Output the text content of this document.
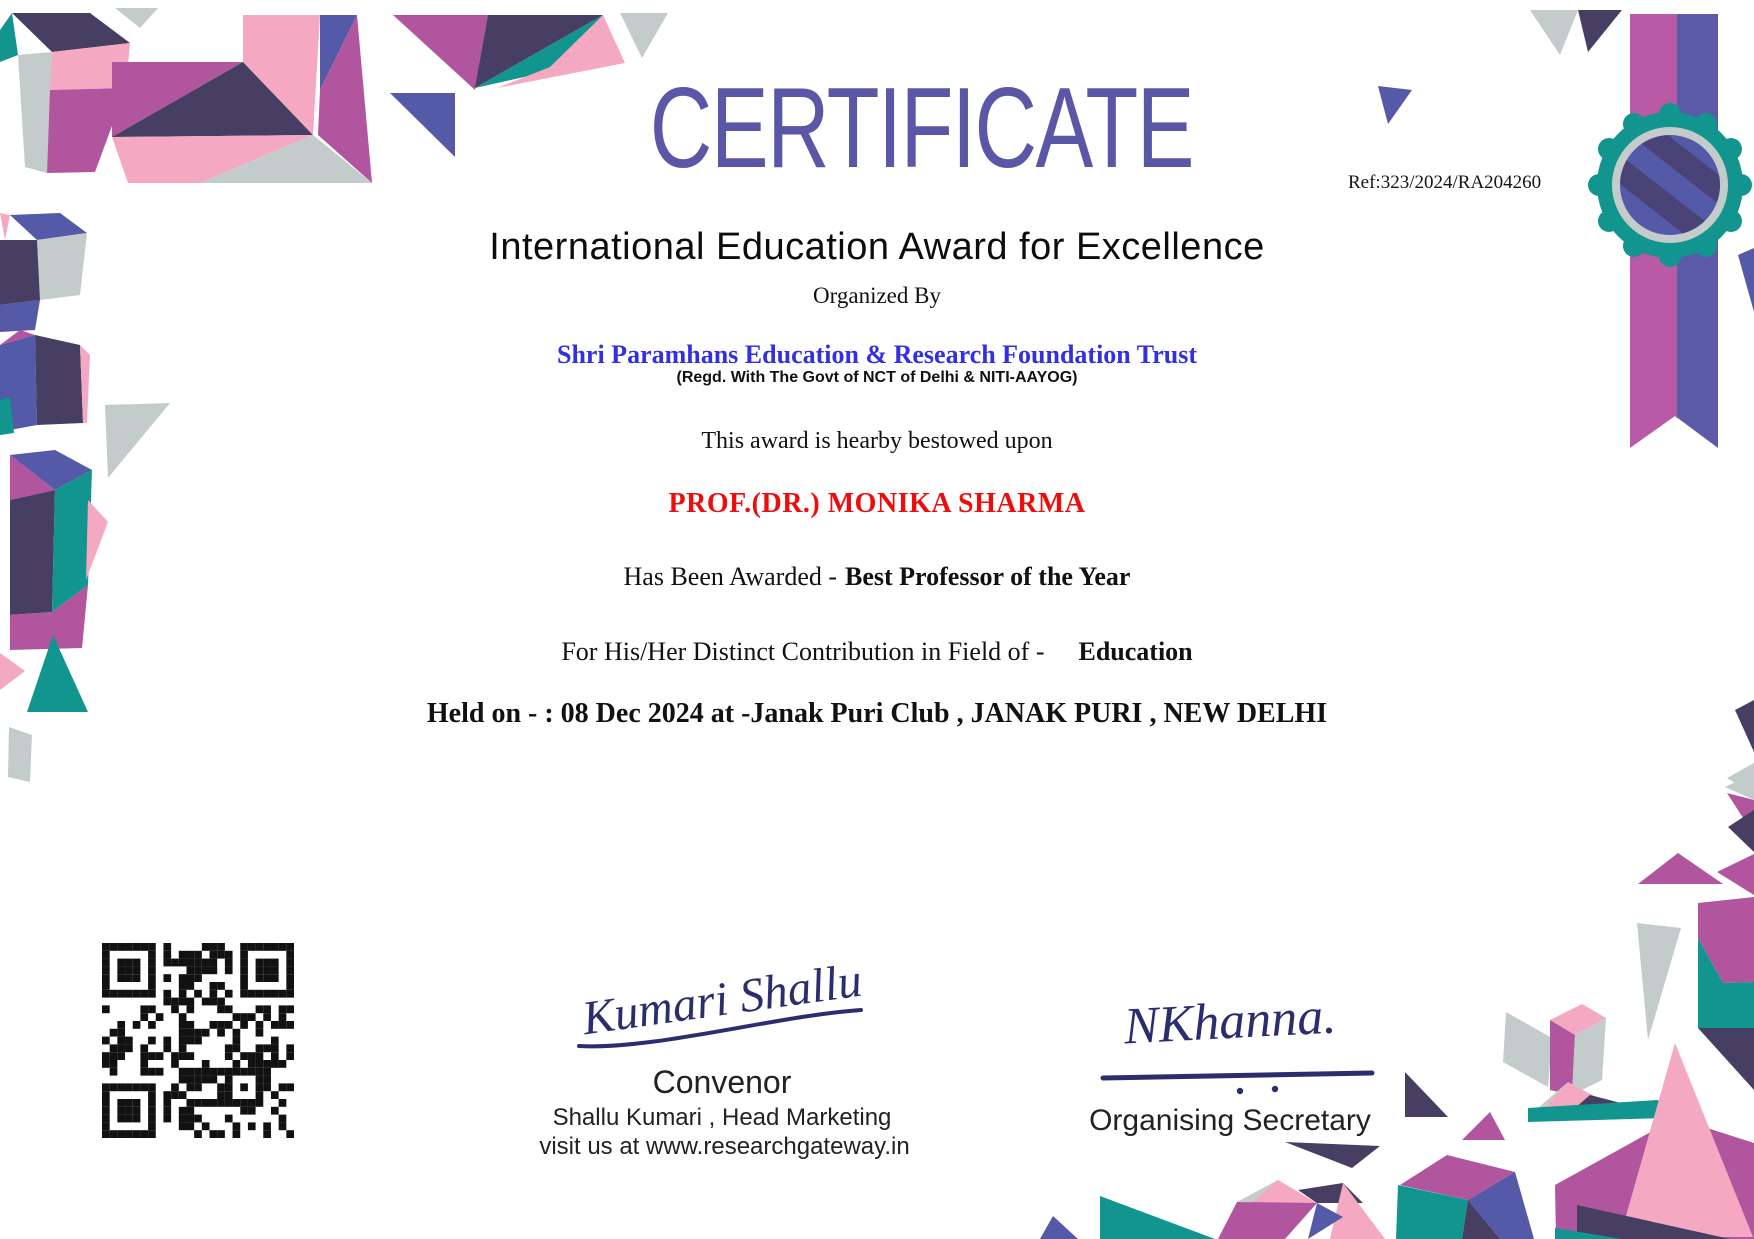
CERTIFICATE	Ref:323/2024/RA204260
International Education Award for Excellence
Organized By
Shri Paramhans Education & Research Foundation Trust
(Regd. With The Govt of NCT of Delhi & NITI-AAYOG)
This award is hearby bestowed upon
PROF.(DR.) MONIKA SHARMA
Has Been Awarded - Best Professor of the Year
For His/Her Distinct Contribution in Field of - Education
Held on - : 08 Dec 2024 at -Janak Puri Club , JANAK PURI , NEW DELHI
Kumari Shallu
Convenor
Shallu Kumari , Head Marketing
visit us at www.researchgateway.in
NKhanna.
Organising Secretary
